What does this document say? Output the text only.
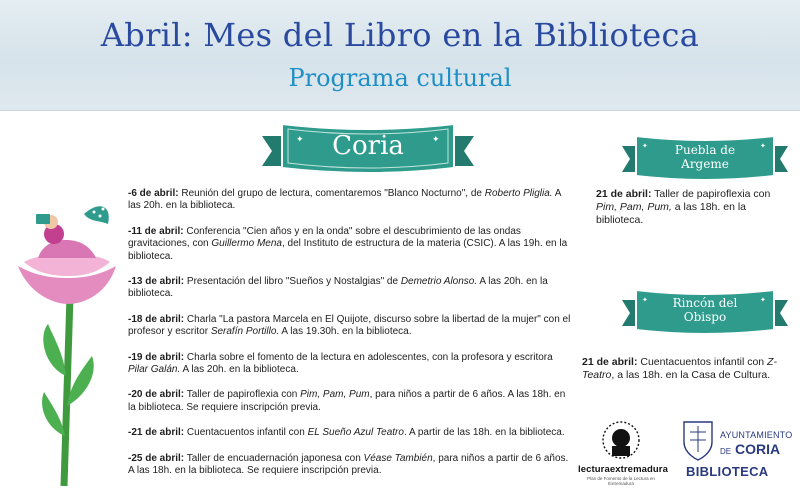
Abril: Mes del Libro en la Biblioteca
Programa cultural
✦	✦
Coria	✦	✦
Puebla de Argeme
✦	✦
Rincón del Obispo
-6 de abril: Reunión del grupo de lectura, comentaremos "Blanco Nocturno", de Roberto Pliglia. A las 20h. en la biblioteca.
-11 de abril: Conferencia "Cien años y en la onda" sobre el descubrimiento de las ondas gravitaciones, con Guillermo Mena, del Instituto de estructura de la materia (CSIC). A las 19h. en la biblioteca.
-13 de abril: Presentación del libro "Sueños y Nostalgias" de Demetrio Alonso. A las 20h. en la biblioteca.
-18 de abril: Charla "La pastora Marcela en El Quijote, discurso sobre la libertad de la mujer" con el profesor y escritor Serafín Portillo. A las 19.30h. en la biblioteca.
-19 de abril: Charla sobre el fomento de la lectura en adolescentes, con la profesora y escritora Pilar Galán. A las 20h. en la biblioteca.
-20 de abril: Taller de papiroflexia con Pim, Pam, Pum, para niños a partir de 6 años. A las 18h. en la biblioteca. Se requiere inscripción previa.
-21 de abril: Cuentacuentos infantil con EL Sueño Azul Teatro. A partir de las 18h. en la biblioteca.
-25 de abril: Taller de encuadernación japonesa con Véase También, para niños a partir de 6 años. A las 18h. en la biblioteca. Se requiere inscripción previa.
21 de abril: Taller de papiroflexia con Pim, Pam, Pum, a las 18h. en la biblioteca.
21 de abril: Cuentacuentos infantil con Z-Teatro, a las 18h. en la Casa de Cultura.
lecturaextremadura
Plan de Fomento de la Lectura en Extremadura
AYUNTAMIENTO
DE CORIA
BIBLIOTECA
